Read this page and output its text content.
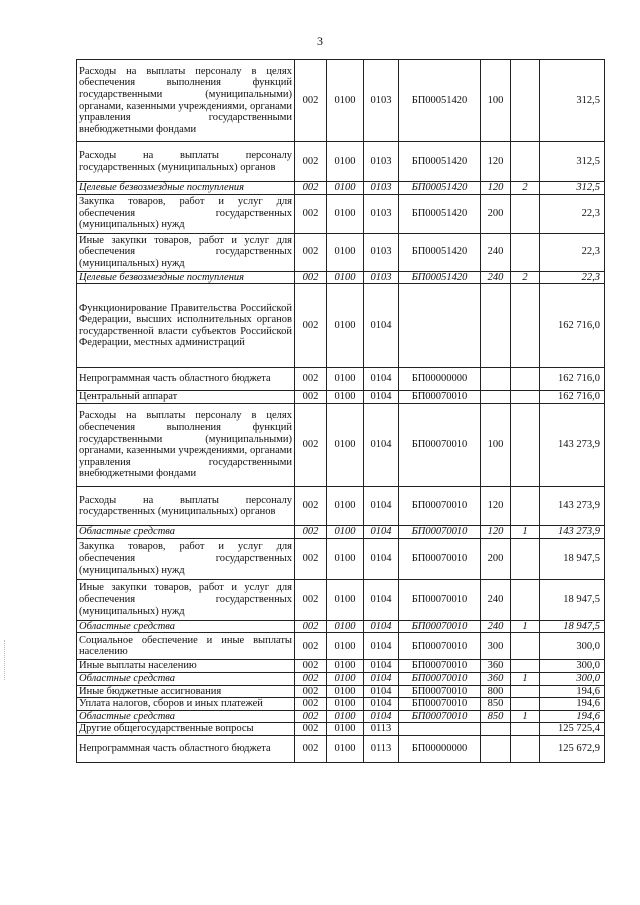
3
Расходы на выплаты персоналу в целях обеспечения выполнения функций государственными (муниципальными) органами, казенными учреждениями, органами управления государственными внебюджетными фондами	002	0100	0103	БП00051420	100		312,5
Расходы на выплаты персоналу государственных (муниципальных) органов	002	0100	0103	БП00051420	120		312,5
Целевые безвозмездные поступления	002	0100	0103	БП00051420	120	2	312,5
Закупка товаров, работ и услуг для обеспечения государственных (муниципальных) нужд	002	0100	0103	БП00051420	200		22,3
Иные закупки товаров, работ и услуг для обеспечения государственных (муниципальных) нужд	002	0100	0103	БП00051420	240		22,3
Целевые безвозмездные поступления	002	0100	0103	БП00051420	240	2	22,3
Функционирование Правительства Российской Федерации, высших исполнительных органов государственной власти субъектов Российской Федерации, местных администраций	002	0100	0104				162 716,0
Непрограммная часть областного бюджета	002	0100	0104	БП00000000			162 716,0
Центральный аппарат	002	0100	0104	БП00070010			162 716,0
Расходы на выплаты персоналу в целях обеспечения выполнения функций государственными (муниципальными) органами, казенными учреждениями, органами управления государственными внебюджетными фондами	002	0100	0104	БП00070010	100		143 273,9
Расходы на выплаты персоналу государственных (муниципальных) органов	002	0100	0104	БП00070010	120		143 273,9
Областные средства	002	0100	0104	БП00070010	120	1	143 273,9
Закупка товаров, работ и услуг для обеспечения государственных (муниципальных) нужд	002	0100	0104	БП00070010	200		18 947,5
Иные закупки товаров, работ и услуг для обеспечения государственных (муниципальных) нужд	002	0100	0104	БП00070010	240		18 947,5
Областные средства	002	0100	0104	БП00070010	240	1	18 947,5
Социальное обеспечение и иные выплаты населению	002	0100	0104	БП00070010	300		300,0
Иные выплаты населению	002	0100	0104	БП00070010	360		300,0
Областные средства	002	0100	0104	БП00070010	360	1	300,0
Иные бюджетные ассигнования	002	0100	0104	БП00070010	800		194,6
Уплата налогов, сборов и иных платежей	002	0100	0104	БП00070010	850		194,6
Областные средства	002	0100	0104	БП00070010	850	1	194,6
Другие общегосударственные вопросы	002	0100	0113				125 725,4
Непрограммная часть областного бюджета	002	0100	0113	БП00000000			125 672,9
